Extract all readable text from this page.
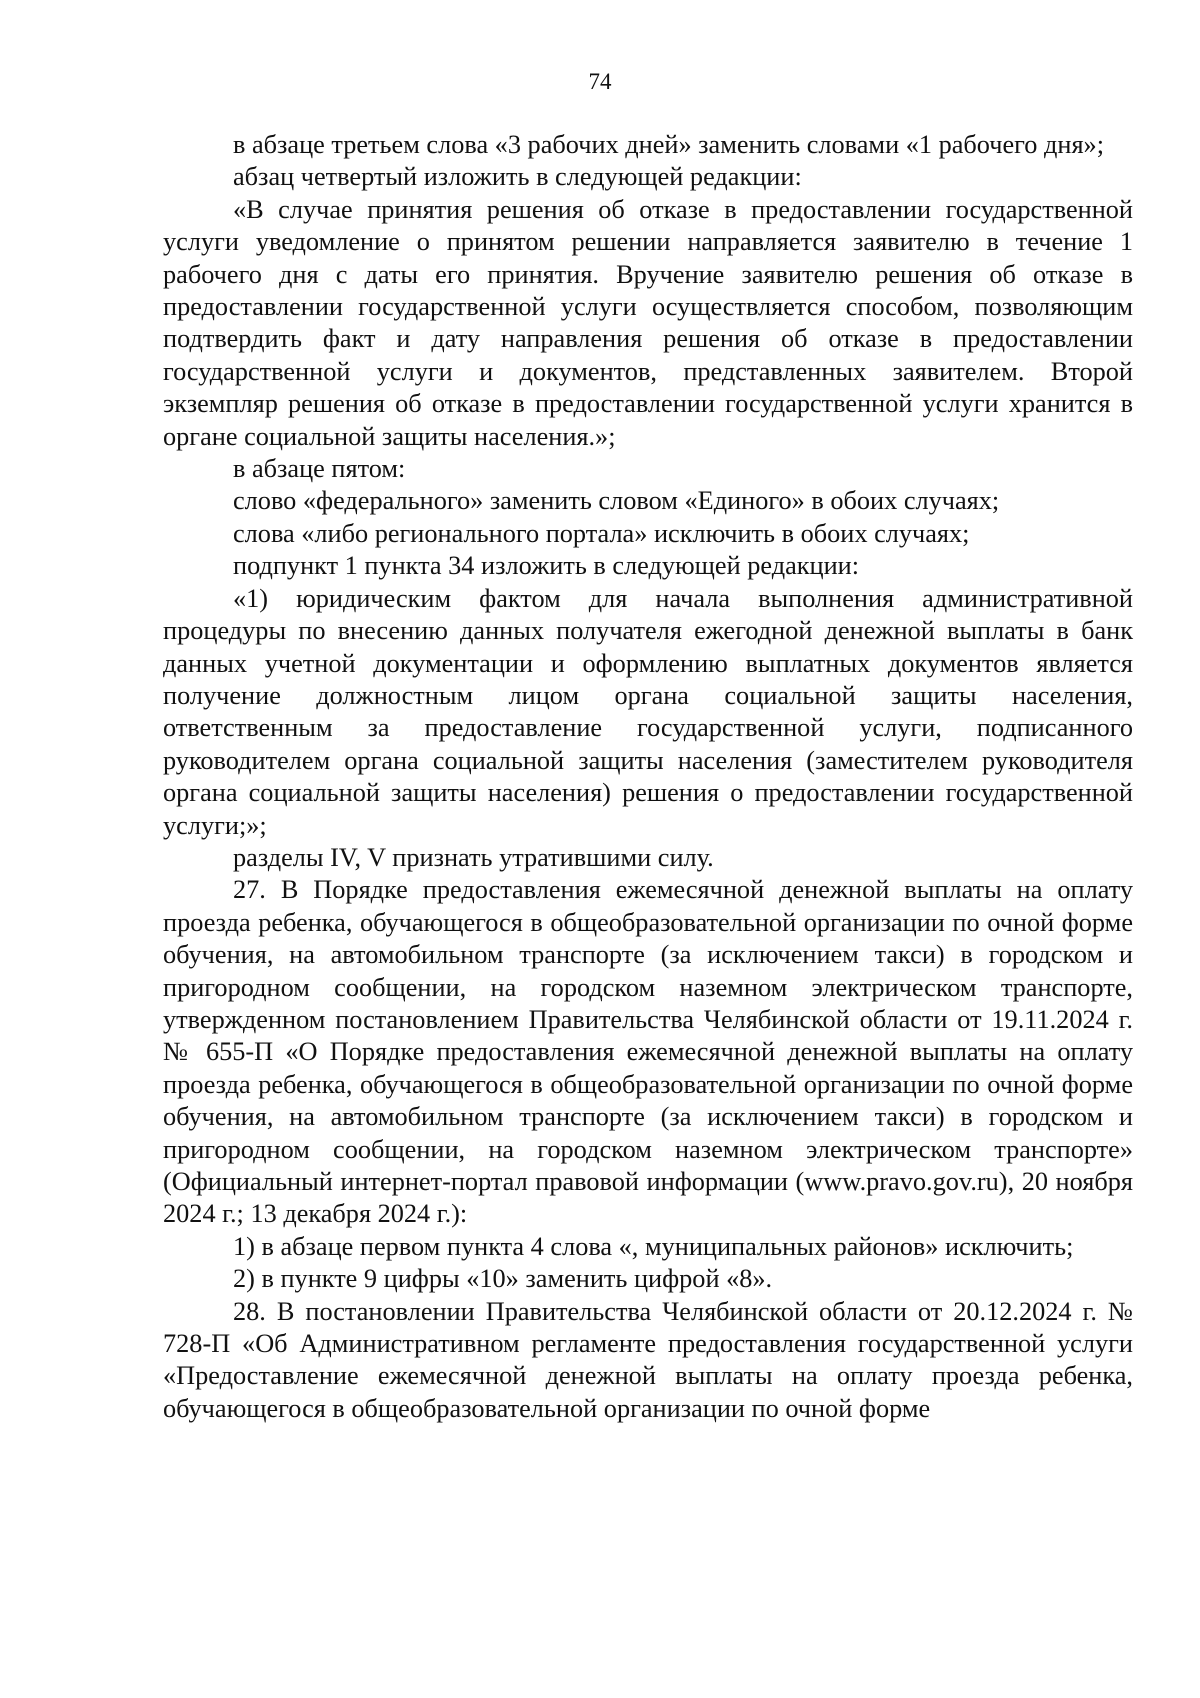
74

в абзаце третьем слова «3 рабочих дней» заменить словами «1 рабочего дня»;

абзац четвертый изложить в следующей редакции:

«В случае принятия решения об отказе в предоставлении государственной услуги уведомление о принятом решении направляется заявителю в течение 1 рабочего дня с даты его принятия. Вручение заявителю решения об отказе в предоставлении государственной услуги осуществляется способом, позволяющим подтвердить факт и дату направления решения об отказе в предоставлении государственной услуги и документов, представленных заявителем. Второй экземпляр решения об отказе в предоставлении государственной услуги хранится в органе социальной защиты населения.»;

в абзаце пятом:

слово «федерального» заменить словом «Единого» в обоих случаях;

слова «либо регионального портала» исключить в обоих случаях;

подпункт 1 пункта 34 изложить в следующей редакции:

«1) юридическим фактом для начала выполнения административной процедуры по внесению данных получателя ежегодной денежной выплаты в банк данных учетной документации и оформлению выплатных документов является получение должностным лицом органа социальной защиты населения, ответственным за предоставление государственной услуги, подписанного руководителем органа социальной защиты населения (заместителем руководителя органа социальной защиты населения) решения о предоставлении государственной услуги;»;

разделы IV, V признать утратившими силу.

27. В Порядке предоставления ежемесячной денежной выплаты на оплату проезда ребенка, обучающегося в общеобразовательной организации по очной форме обучения, на автомобильном транспорте (за исключением такси) в городском и пригородном сообщении, на городском наземном электрическом транспорте, утвержденном постановлением Правительства Челябинской области от 19.11.2024 г. № 655-П «О Порядке предоставления ежемесячной денежной выплаты на оплату проезда ребенка, обучающегося в общеобразовательной организации по очной форме обучения, на автомобильном транспорте (за исключением такси) в городском и пригородном сообщении, на городском наземном электрическом транспорте» (Официальный интернет-портал правовой информации (www.pravo.gov.ru), 20 ноября 2024 г.; 13 декабря 2024 г.):

1) в абзаце первом пункта 4 слова «, муниципальных районов» исключить;

2) в пункте 9 цифры «10» заменить цифрой «8».

28. В постановлении Правительства Челябинской области от 20.12.2024 г. № 728-П «Об Административном регламенте предоставления государственной услуги «Предоставление ежемесячной денежной выплаты на оплату проезда ребенка, обучающегося в общеобразовательной организации по очной форме
